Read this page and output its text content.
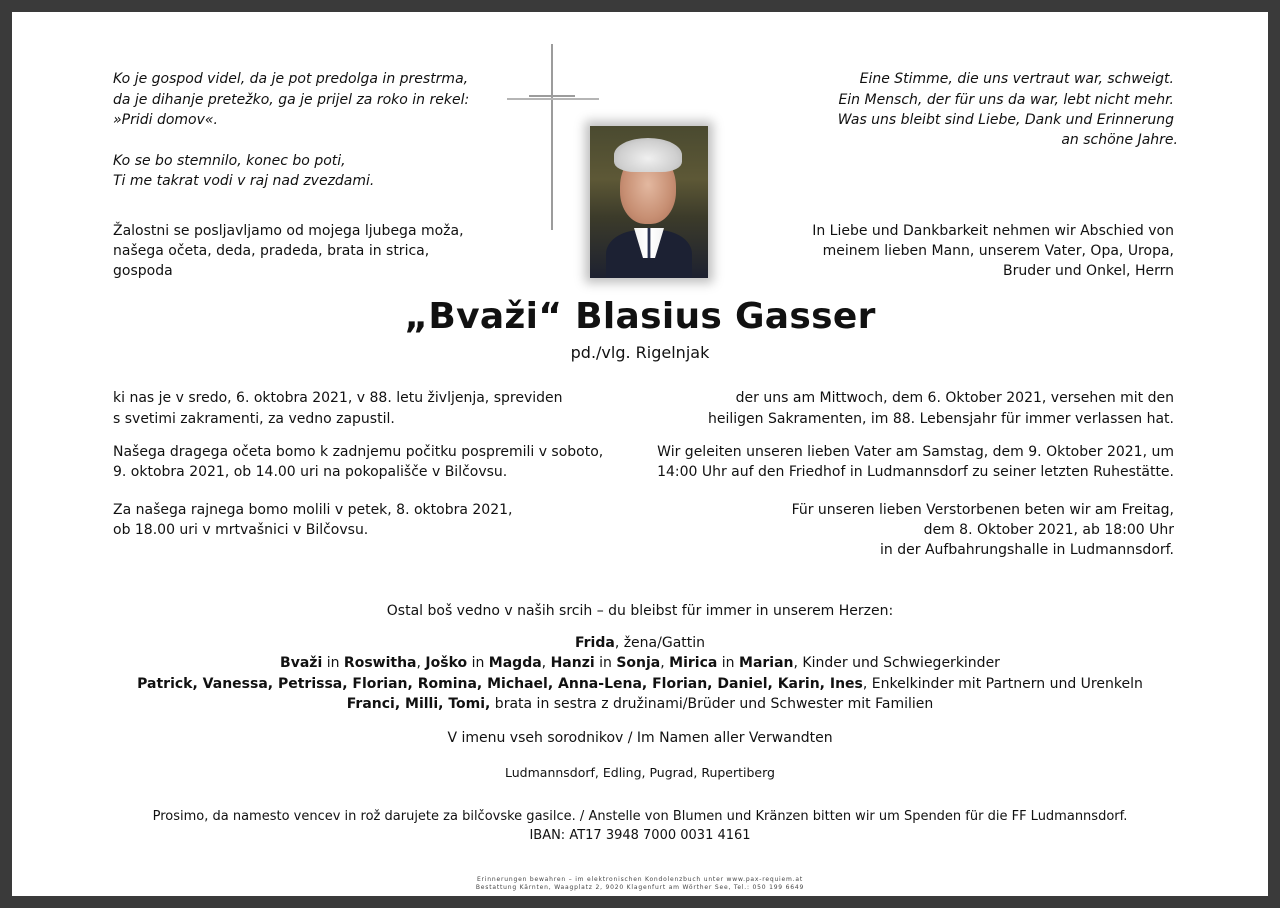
Ko je gospod videl, da je pot predolga in prestrma,
da je dihanje pretežko, ga je prijel za roko in rekel:
»Pridi domov«.
Ko se bo stemnilo, konec bo poti,
Ti me takrat vodi v raj nad zvezdami.
Eine Stimme, die uns vertraut war, schweigt.
Ein Mensch, der für uns da war, lebt nicht mehr.
Was uns bleibt sind Liebe, Dank und Erinnerung
an schöne Jahre.
Žalostni se posljavljamo od mojega ljubega moža,
našega očeta, deda, pradeda, brata in strica,
gospoda
In Liebe und Dankbarkeit nehmen wir Abschied von
meinem lieben Mann, unserem Vater, Opa, Uropa,
Bruder und Onkel, Herrn
„Bvaži“ Blasius Gasser
pd./vlg. Rigelnjak
ki nas je v sredo, 6. oktobra 2021, v 88. letu življenja, spreviden
s svetimi zakramenti, za vedno zapustil.
Našega dragega očeta bomo k zadnjemu počitku pospremili v soboto,
9. oktobra 2021, ob 14.00 uri na pokopališče v Bilčovsu.
Za našega rajnega bomo molili v petek, 8. oktobra 2021,
ob 18.00 uri v mrtvašnici v Bilčovsu.
der uns am Mittwoch, dem 6. Oktober 2021, versehen mit den
heiligen Sakramenten, im 88. Lebensjahr für immer verlassen hat.
Wir geleiten unseren lieben Vater am Samstag, dem 9. Oktober 2021, um
14:00 Uhr auf den Friedhof in Ludmannsdorf zu seiner letzten Ruhestätte.
Für unseren lieben Verstorbenen beten wir am Freitag,
dem 8. Oktober 2021, ab 18:00 Uhr
in der Aufbahrungshalle in Ludmannsdorf.
Ostal boš vedno v naših srcih – du bleibst für immer in unserem Herzen:
Frida, žena/Gattin
Bvaži in Roswitha, Joško in Magda, Hanzi in Sonja, Mirica in Marian, Kinder und Schwiegerkinder
Patrick, Vanessa, Petrissa, Florian, Romina, Michael, Anna-Lena, Florian, Daniel, Karin, Ines, Enkelkinder mit Partnern und Urenkeln
Franci, Milli, Tomi, brata in sestra z družinami/Brüder und Schwester mit Familien
V imenu vseh sorodnikov / Im Namen aller Verwandten
Ludmannsdorf, Edling, Pugrad, Rupertiberg
Prosimo, da namesto vencev in rož darujete za bilčovske gasilce. / Anstelle von Blumen und Kränzen bitten wir um Spenden für die FF Ludmannsdorf.
IBAN: AT17 3948 7000 0031 4161
Erinnerungen bewahren – im elektronischen Kondolenzbuch unter www.pax-requiem.at
Bestattung Kärnten, Waagplatz 2, 9020 Klagenfurt am Wörther See, Tel.: 050 199 6649
